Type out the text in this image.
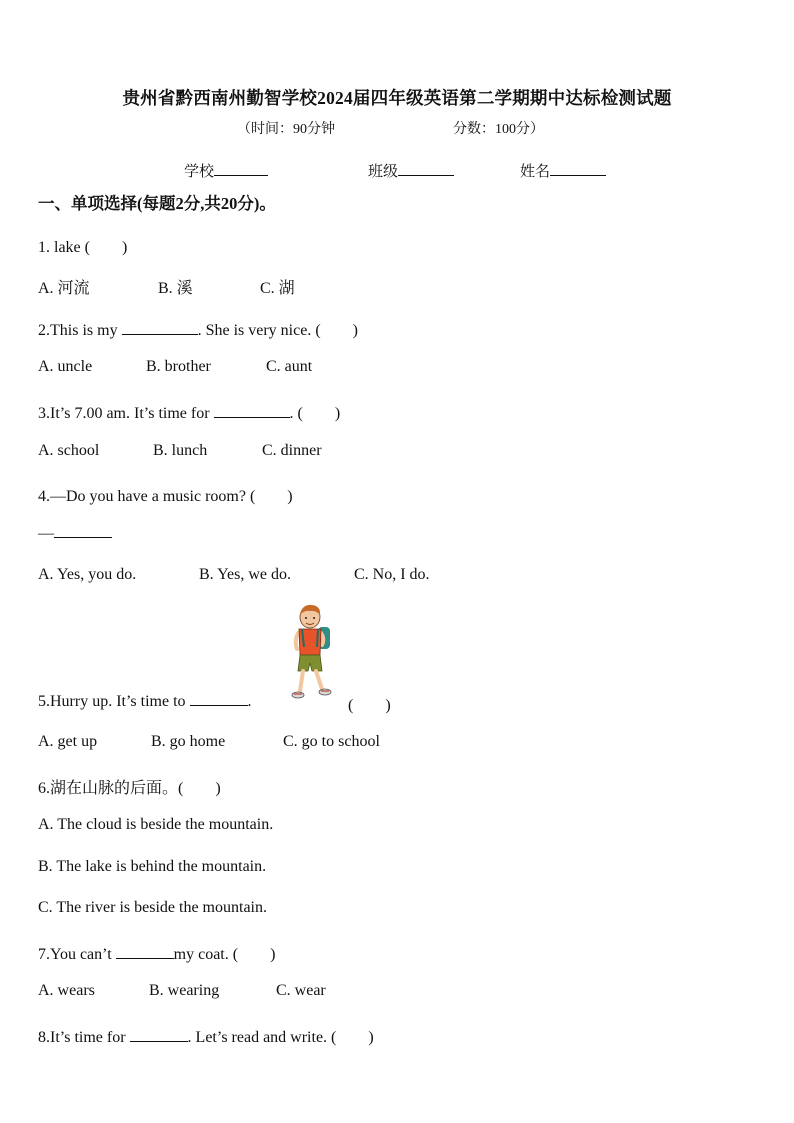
贵州省黔西南州勤智学校2024届四年级英语第二学期期中达标检测试题
（时间：90分钟	分数：100分）
学校	班级	姓名
一、单项选择(每题2分,共20分)。
1. lake (　　)
A. 河流	B. 溪	C. 湖
2.This is my	. She is very nice. (　　)
A. uncle	B. brother	C. aunt
3.It’s 7.00 am. It’s time for	. (　　)
A. school	B. lunch	C. dinner
4.—Do you have a music room? (　　)
—
A. Yes, you do.	B. Yes, we do.	C. No, I do.
5.Hurry up. It’s time to	.	(　　)
A. get up	B. go home	C. go to school
6.湖在山脉的后面。(　　)
A. The cloud is beside the mountain.
B. The lake is behind the mountain.
C. The river is beside the mountain.
7.You can’t	my coat. (　　)
A. wears	B. wearing	C. wear
8.It’s time for	. Let’s read and write. (　　)
